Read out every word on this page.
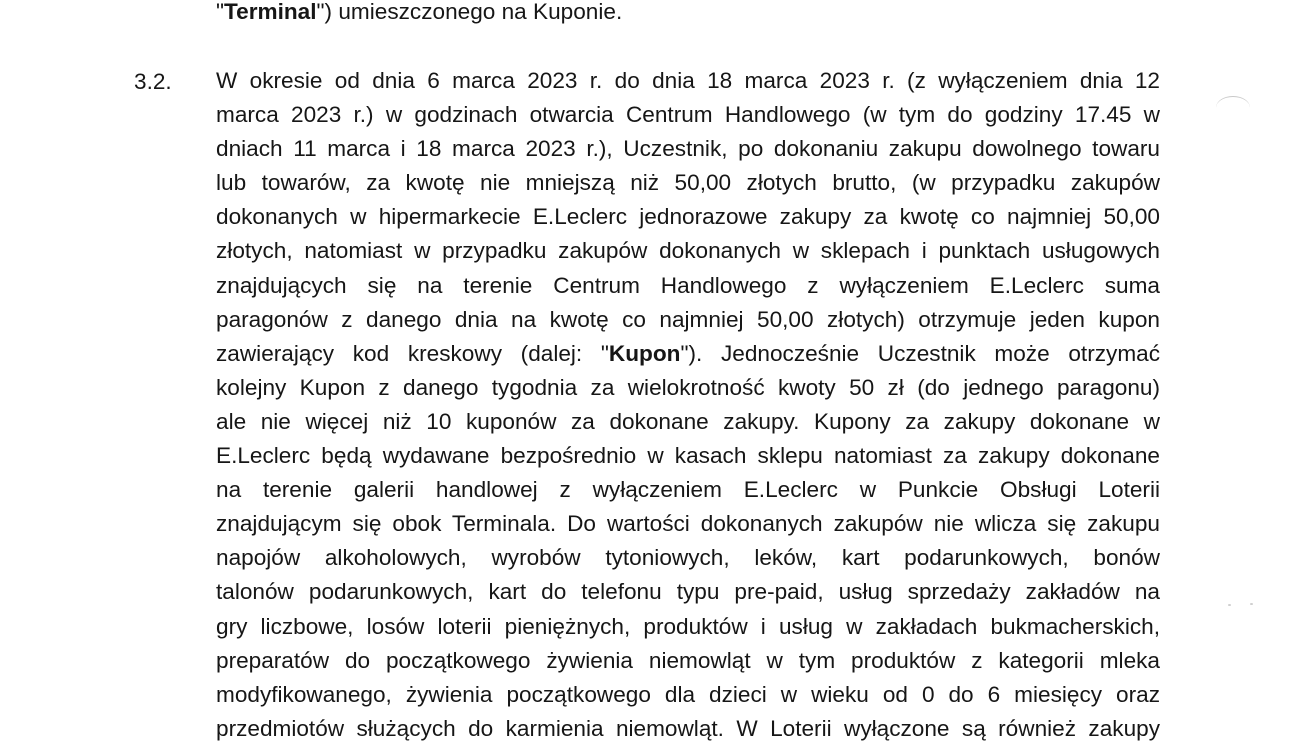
"Terminal") umieszczonego na Kuponie.
3.2. W okresie od dnia 6 marca 2023 r. do dnia 18 marca 2023 r. (z wyłączeniem dnia 12
marca 2023 r.) w godzinach otwarcia Centrum Handlowego (w tym do godziny 17.45 w
dniach 11 marca i 18 marca 2023 r.), Uczestnik, po dokonaniu zakupu dowolnego towaru
lub towarów, za kwotę nie mniejszą niż 50,00 złotych brutto, (w przypadku zakupów
dokonanych w hipermarkecie E.Leclerc jednorazowe zakupy za kwotę co najmniej 50,00
złotych, natomiast w przypadku zakupów dokonanych w sklepach i punktach usługowych
znajdujących się na terenie Centrum Handlowego z wyłączeniem E.Leclerc suma
paragonów z danego dnia na kwotę co najmniej 50,00 złotych) otrzymuje jeden kupon
zawierający kod kreskowy (dalej: "Kupon"). Jednocześnie Uczestnik może otrzymać
kolejny Kupon z danego tygodnia za wielokrotność kwoty 50 zł (do jednego paragonu)
ale nie więcej niż 10 kuponów za dokonane zakupy. Kupony za zakupy dokonane w
E.Leclerc będą wydawane bezpośrednio w kasach sklepu natomiast za zakupy dokonane
na terenie galerii handlowej z wyłączeniem E.Leclerc w Punkcie Obsługi Loterii
znajdującym się obok Terminala. Do wartości dokonanych zakupów nie wlicza się zakupu
napojów alkoholowych, wyrobów tytoniowych, leków, kart podarunkowych, bonów
talonów podarunkowych, kart do telefonu typu pre-paid, usług sprzedaży zakładów na
gry liczbowe, losów loterii pieniężnych, produktów i usług w zakładach bukmacherskich,
preparatów do początkowego żywienia niemowląt w tym produktów z kategorii mleka
modyfikowanego, żywienia początkowego dla dzieci w wieku od 0 do 6 miesięcy oraz
przedmiotów służących do karmienia niemowląt. W Loterii wyłączone są również zakupy
